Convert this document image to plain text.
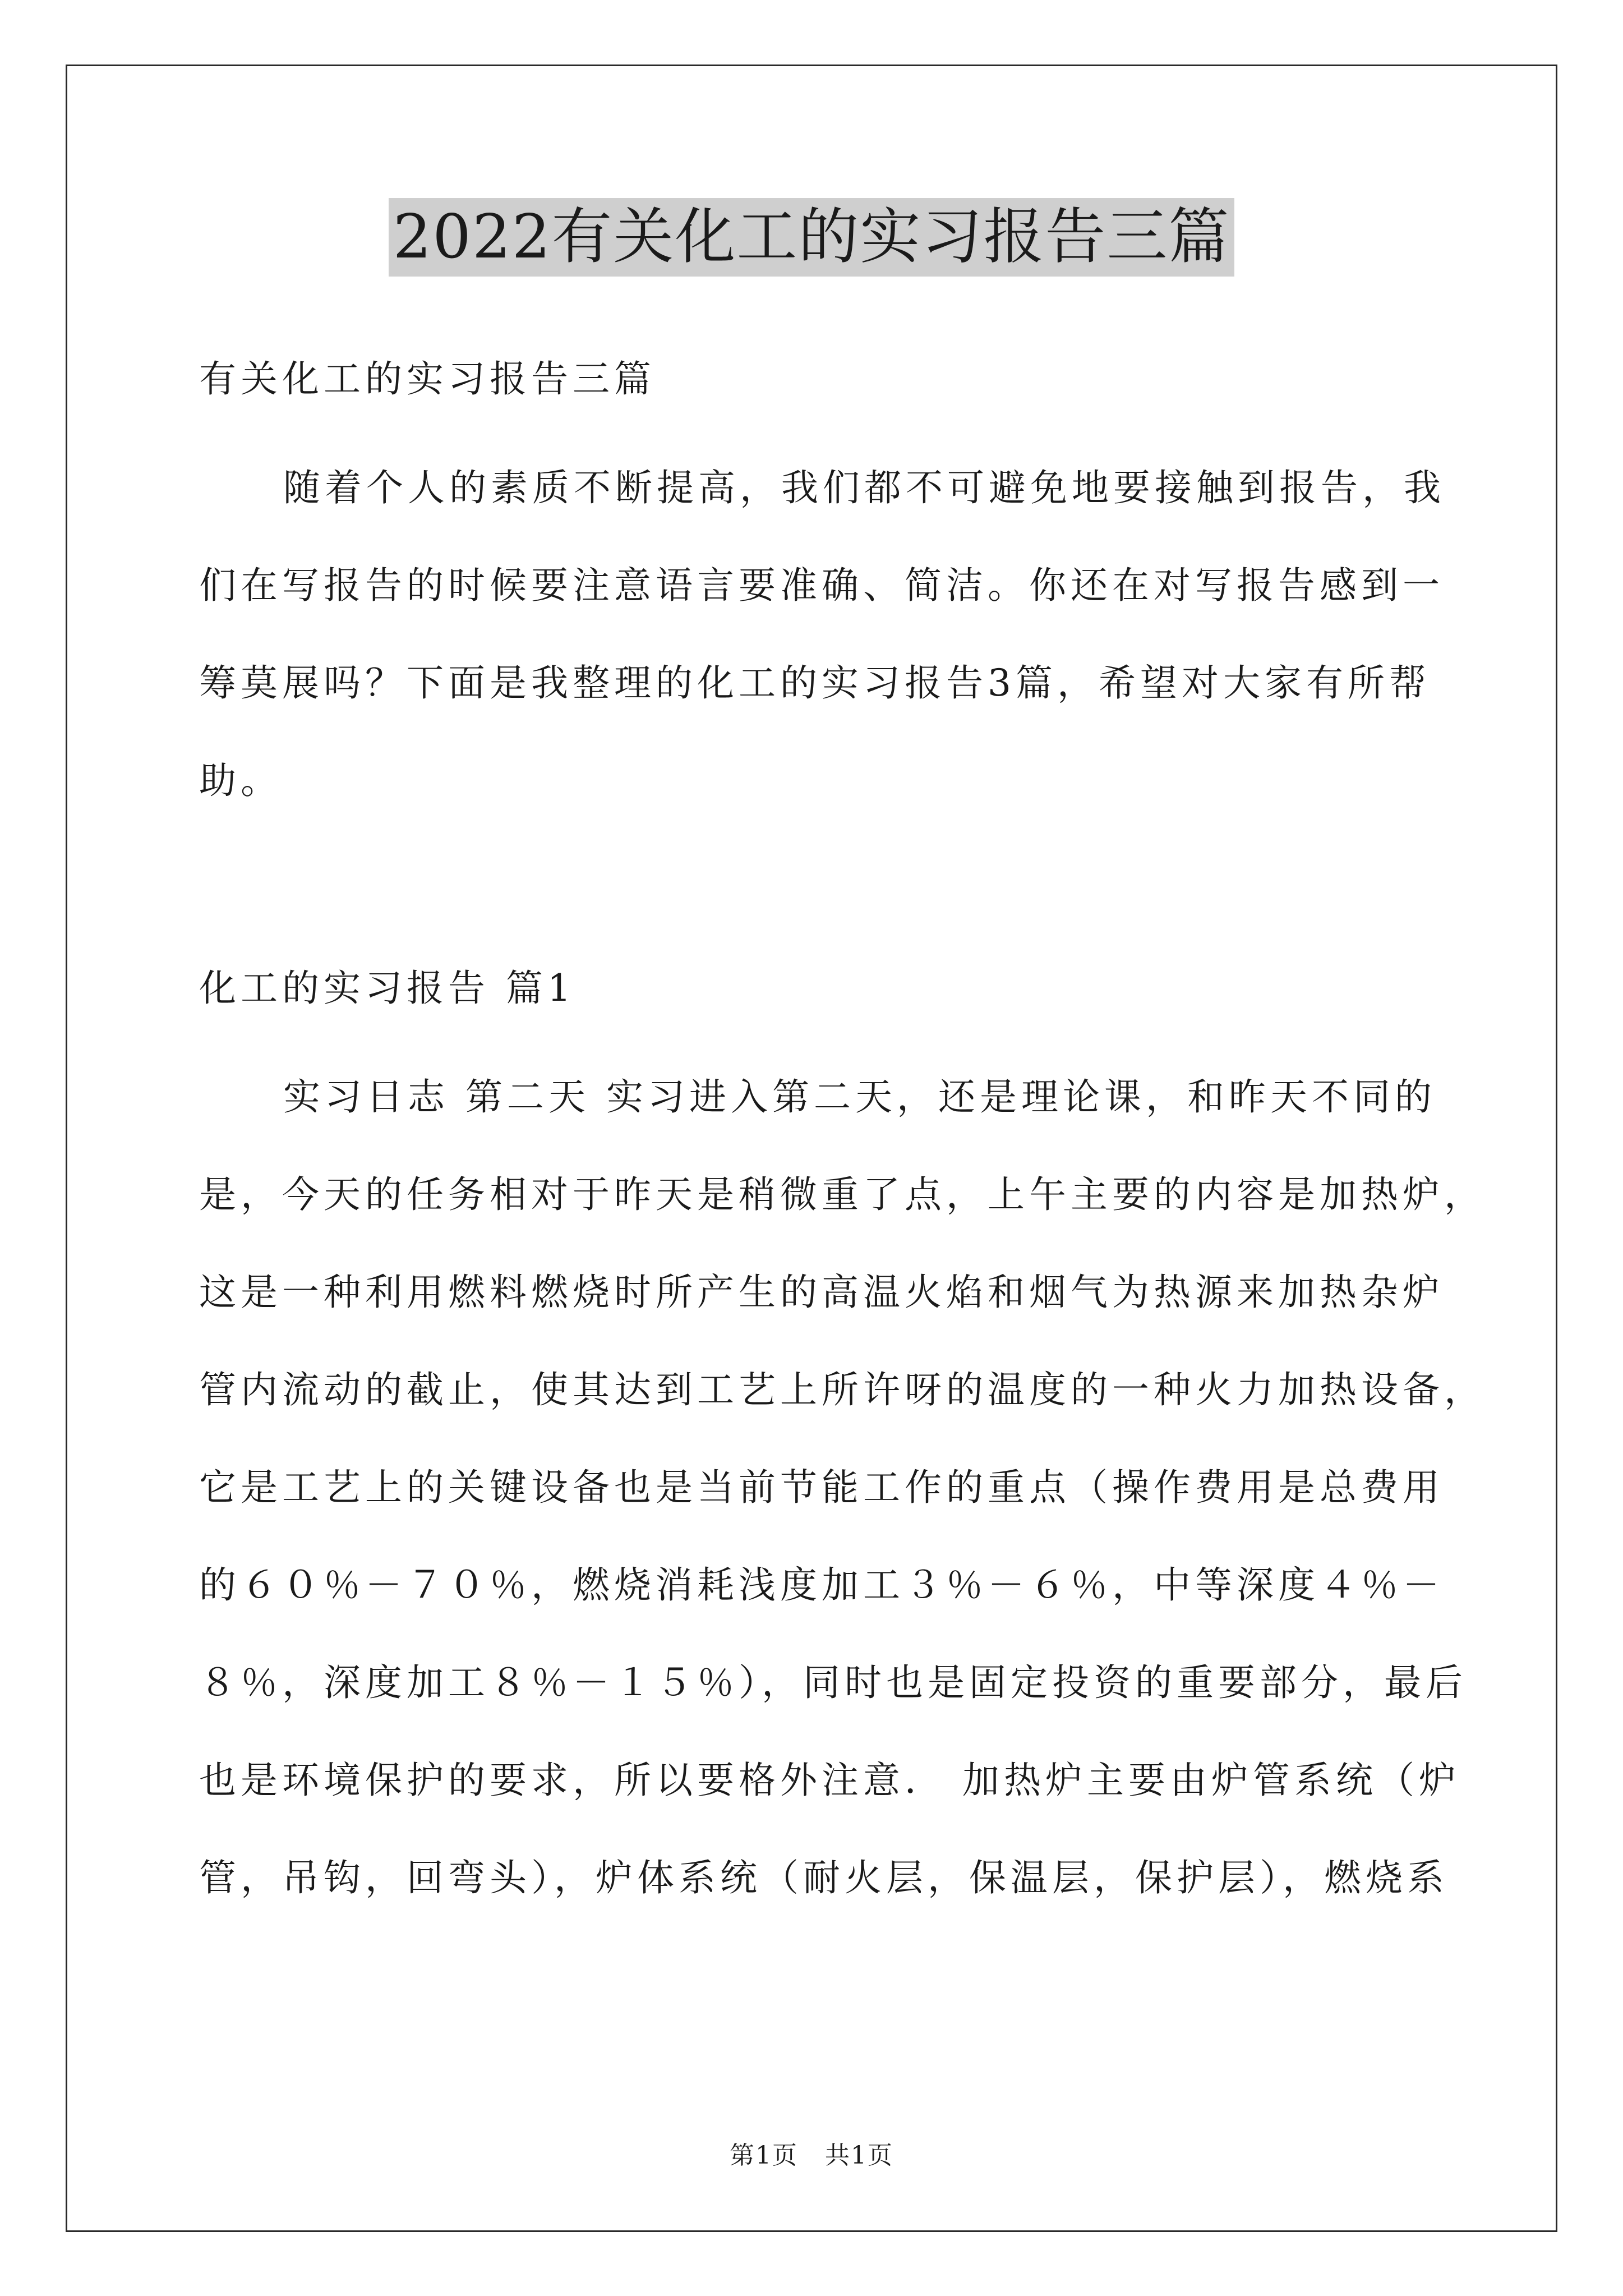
2022有关化工的实习报告三篇
有关化工的实习报告三篇
随着个人的素质不断提高，我们都不可避免地要接触到报告，我
们在写报告的时候要注意语言要准确、简洁。你还在对写报告感到一
筹莫展吗？下面是我整理的化工的实习报告3篇，希望对大家有所帮
助。
化工的实习报告 篇1
实习日志 第二天 实习进入第二天，还是理论课，和昨天不同的
是，今天的任务相对于昨天是稍微重了点，上午主要的内容是加热炉，
这是一种利用燃料燃烧时所产生的高温火焰和烟气为热源来加热杂炉
管内流动的截止，使其达到工艺上所许呀的温度的一种火力加热设备，
它是工艺上的关键设备也是当前节能工作的重点（操作费用是总费用
的６０％－７０％，燃烧消耗浅度加工３％－６％，中等深度４％－
８％，深度加工８％－１５％），同时也是固定投资的重要部分，最后
也是环境保护的要求，所以要格外注意． 加热炉主要由炉管系统（炉
管，吊钩，回弯头），炉体系统（耐火层，保温层，保护层），燃烧系
第1页   共1页
